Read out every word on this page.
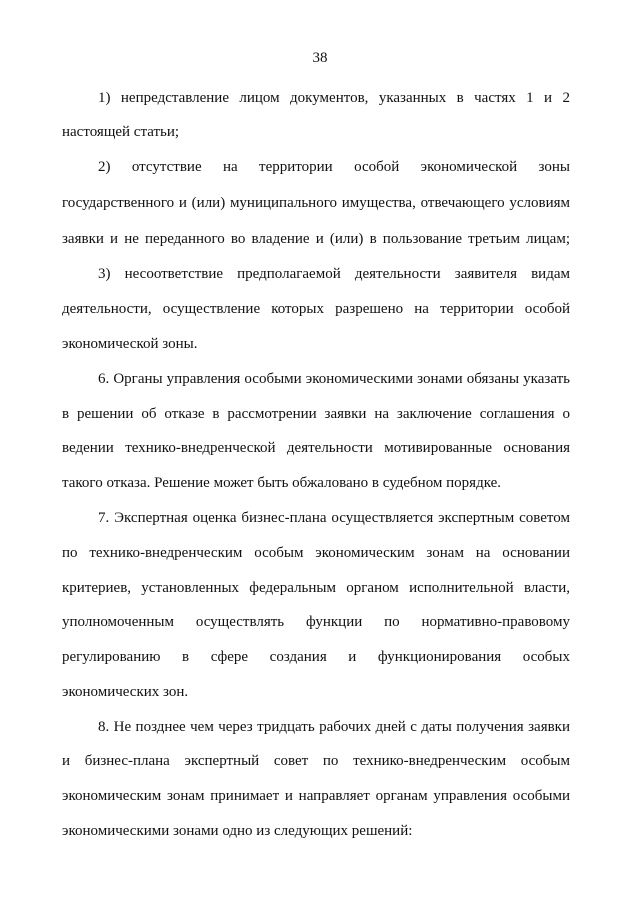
38
1) непредставление лицом документов, указанных в частях 1 и 2
настоящей статьи;
2) отсутствие на территории особой экономической зоны
государственного и (или) муниципального имущества, отвечающего условиям
заявки и не переданного во владение и (или) в пользование третьим лицам;
3) несоответствие предполагаемой деятельности заявителя видам
деятельности, осуществление которых разрешено на территории особой
экономической зоны.
6. Органы управления особыми экономическими зонами обязаны указать
в решении об отказе в рассмотрении заявки на заключение соглашения о
ведении технико-внедренческой деятельности мотивированные основания
такого отказа. Решение может быть обжаловано в судебном порядке.
7. Экспертная оценка бизнес-плана осуществляется экспертным советом
по технико-внедренческим особым экономическим зонам на основании
критериев, установленных федеральным органом исполнительной власти,
уполномоченным осуществлять функции по нормативно-правовому
регулированию в сфере создания и функционирования особых
экономических зон.
8. Не позднее чем через тридцать рабочих дней с даты получения заявки
и бизнес-плана экспертный совет по технико-внедренческим особым
экономическим зонам принимает и направляет органам управления особыми
экономическими зонами одно из следующих решений:
